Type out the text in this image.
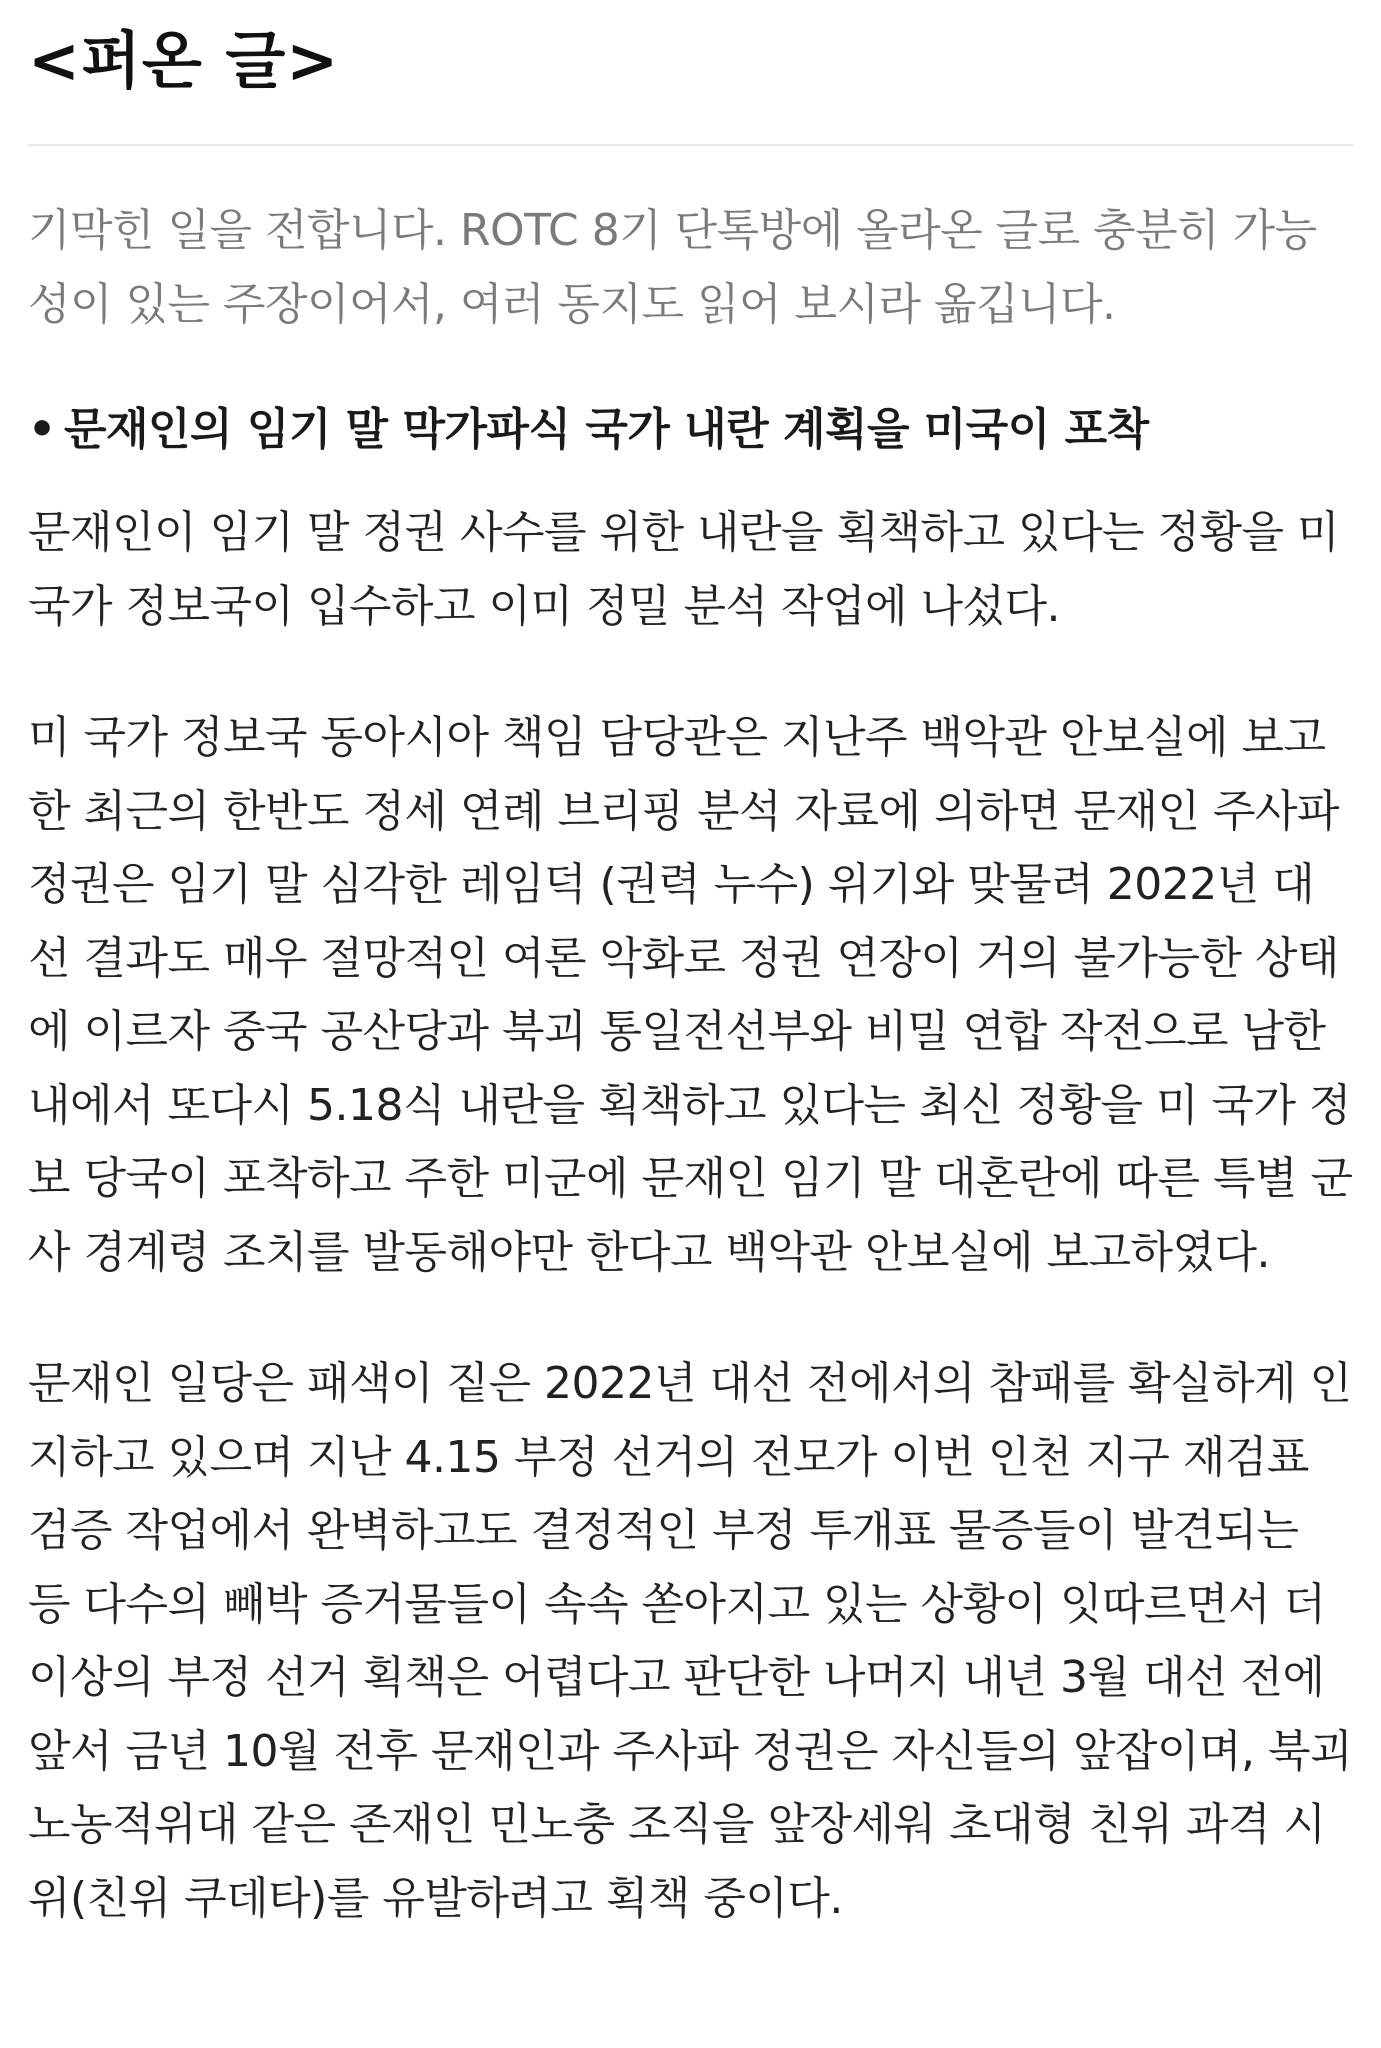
<퍼온 글>

기막힌 일을 전합니다. ROTC 8기 단톡방에 올라온 글로 충분히 가능성이 있는 주장이어서, 여러 동지도 읽어 보시라 옮깁니다.

• 문재인의 임기 말 막가파식 국가 내란 계획을 미국이 포착

문재인이 임기 말 정권 사수를 위한 내란을 획책하고 있다는 정황을 미 국가 정보국이 입수하고 이미 정밀 분석 작업에 나섰다.

미 국가 정보국 동아시아 책임 담당관은 지난주 백악관 안보실에 보고한 최근의 한반도 정세 연례 브리핑 분석 자료에 의하면 문재인 주사파 정권은 임기 말 심각한 레임덕 (권력 누수) 위기와 맞물려 2022년 대선 결과도 매우 절망적인 여론 악화로 정권 연장이 거의 불가능한 상태에 이르자 중국 공산당과 북괴 통일전선부와 비밀 연합 작전으로 남한 내에서 또다시 5.18식 내란을 획책하고 있다는 최신 정황을 미 국가 정보 당국이 포착하고 주한 미군에 문재인 임기 말 대혼란에 따른 특별 군사 경계령 조치를 발동해야만 한다고 백악관 안보실에 보고하였다.

문재인 일당은 패색이 짙은 2022년 대선 전에서의 참패를 확실하게 인지하고 있으며 지난 4.15 부정 선거의 전모가 이번 인천 지구 재검표 검증 작업에서 완벽하고도 결정적인 부정 투개표 물증들이 발견되는 등 다수의 빼박 증거물들이 속속 쏟아지고 있는 상황이 잇따르면서 더 이상의 부정 선거 획책은 어렵다고 판단한 나머지 내년 3월 대선 전에 앞서 금년 10월 전후 문재인과 주사파 정권은 자신들의 앞잡이며, 북괴 노농적위대 같은 존재인 민노충 조직을 앞장세워 초대형 친위 과격 시위(친위 쿠데타)를 유발하려고 획책 중이다.
